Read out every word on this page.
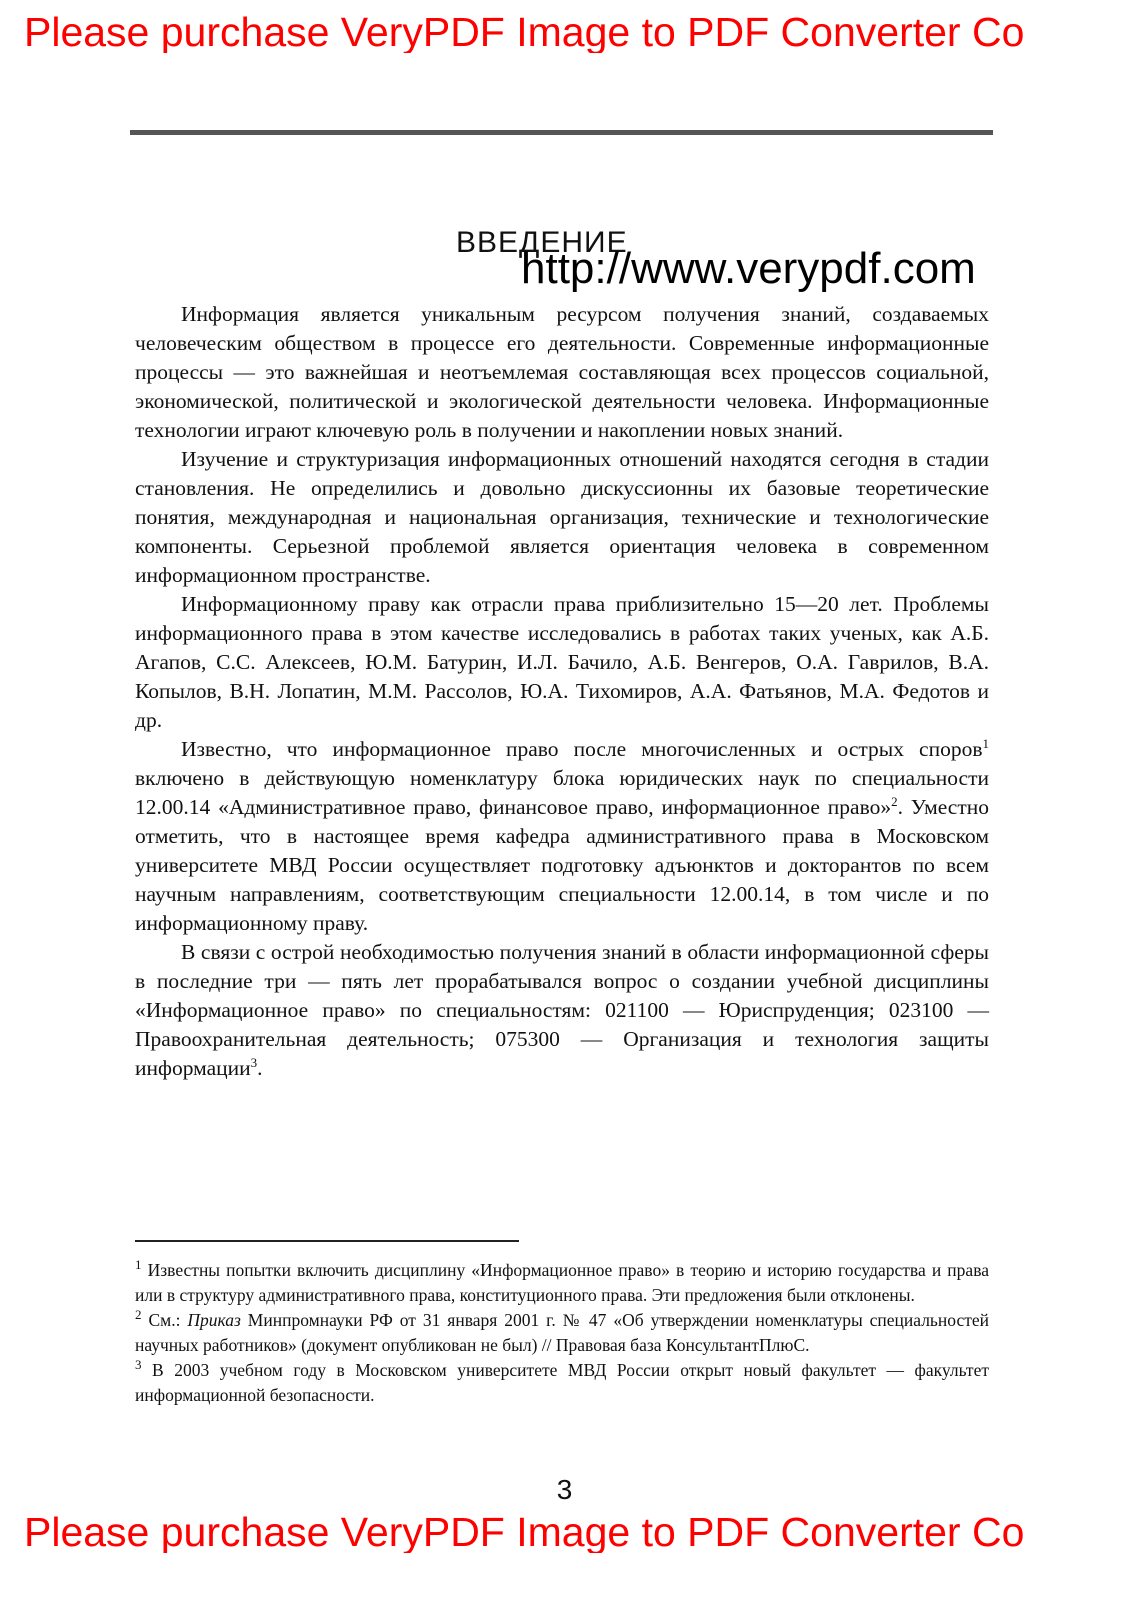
Please purchase VeryPDF Image to PDF Converter Co
ВВЕДЕНИЕ
http://www.verypdf.com

Информация является уникальным ресурсом получения знаний, создаваемых человеческим обществом в процессе его деятельности. Современные информационные процессы — это важнейшая и неотъемлемая составляющая всех процессов социальной, экономической, политической и экологической деятельности человека. Информационные технологии играют ключевую роль в получении и накоплении новых знаний.

Изучение и структуризация информационных отношений находятся сегодня в стадии становления. Не определились и довольно дискуссионны их базовые теоретические понятия, международная и национальная организация, технические и технологические компоненты. Серьезной проблемой является ориентация человека в современном информационном пространстве.

Информационному праву как отрасли права приблизительно 15—20 лет. Проблемы информационного права в этом качестве исследовались в работах таких ученых, как А.Б. Агапов, С.С. Алексеев, Ю.М. Батурин, И.Л. Бачило, А.Б. Венгеров, О.А. Гаврилов, В.А. Копылов, В.Н. Лопатин, М.М. Рассолов, Ю.А. Тихомиров, А.А. Фатьянов, М.А. Федотов и др.

Известно, что информационное право после многочисленных и острых споров$^1$ включено в действующую номенклатуру блока юридических наук по специальности 12.00.14 «Административное право, финансовое право, информационное право»$^2$. Уместно отметить, что в настоящее время кафедра административного права в Московском университете МВД России осуществляет подготовку адъюнктов и докторантов по всем научным направлениям, соответствующим специальности 12.00.14, в том числе и по информационному праву.

В связи с острой необходимостью получения знаний в области информационной сферы в последние три — пять лет прорабатывался вопрос о создании учебной дисциплины «Информационное право» по специальностям: 021100 — Юриспруденция; 023100 — Правоохранительная деятельность; 075300 — Организация и технология защиты информации$^3$.

$^1$ Известны попытки включить дисциплину «Информационное право» в теорию и историю государства и права или в структуру административного права, конституционного права. Эти предложения были отклонены.

$^2$ См.: Приказ Минпромнауки РФ от 31 января 2001 г. № 47 «Об утверждении номенклатуры специальностей научных работников» (документ опубликован не был) // Правовая база КонсультантПлюС.

$^3$ В 2003 учебном году в Московском университете МВД России открыт новый факультет — факультет информационной безопасности.

3
Please purchase VeryPDF Image to PDF Converter Co
